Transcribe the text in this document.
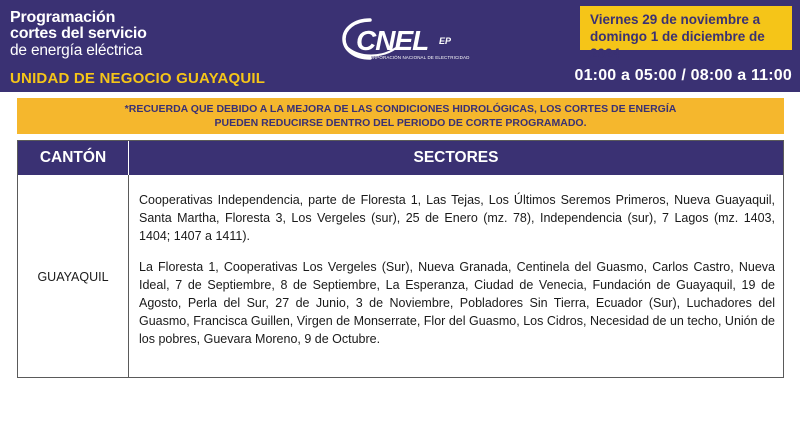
Programación
cortes del servicio
de energía eléctrica
UNIDAD DE NEGOCIO GUAYAQUIL
CNEL EP
CORPORACIÓN NACIONAL DE ELECTRICIDAD
Viernes 29 de noviembre a
domingo 1 de diciembre de 2024
01:00 a 05:00 / 08:00 a 11:00
*RECUERDA QUE DEBIDO A LA MEJORA DE LAS CONDICIONES HIDROLÓGICAS, LOS CORTES DE ENERGÍA
PUEDEN REDUCIRSE DENTRO DEL PERIODO DE CORTE PROGRAMADO.
CANTÓN	SECTORES
GUAYAQUIL

Cooperativas Independencia, parte de Floresta 1, Las Tejas, Los Últimos Seremos Primeros, Nueva Guayaquil, Santa Martha, Floresta 3, Los Vergeles (sur), 25 de Enero (mz. 78), Independencia (sur), 7 Lagos (mz. 1403, 1404; 1407 a 1411).

La Floresta 1, Cooperativas Los Vergeles (Sur), Nueva Granada, Centinela del Guasmo, Carlos Castro, Nueva Ideal, 7 de Septiembre, 8 de Septiembre, La Esperanza, Ciudad de Venecia, Fundación de Guayaquil, 19 de Agosto, Perla del Sur, 27 de Junio, 3 de Noviembre, Pobladores Sin Tierra, Ecuador (Sur), Luchadores del Guasmo, Francisca Guillen, Virgen de Monserrate, Flor del Guasmo, Los Cidros, Necesidad de un techo, Unión de los pobres, Guevara Moreno, 9 de Octubre.
